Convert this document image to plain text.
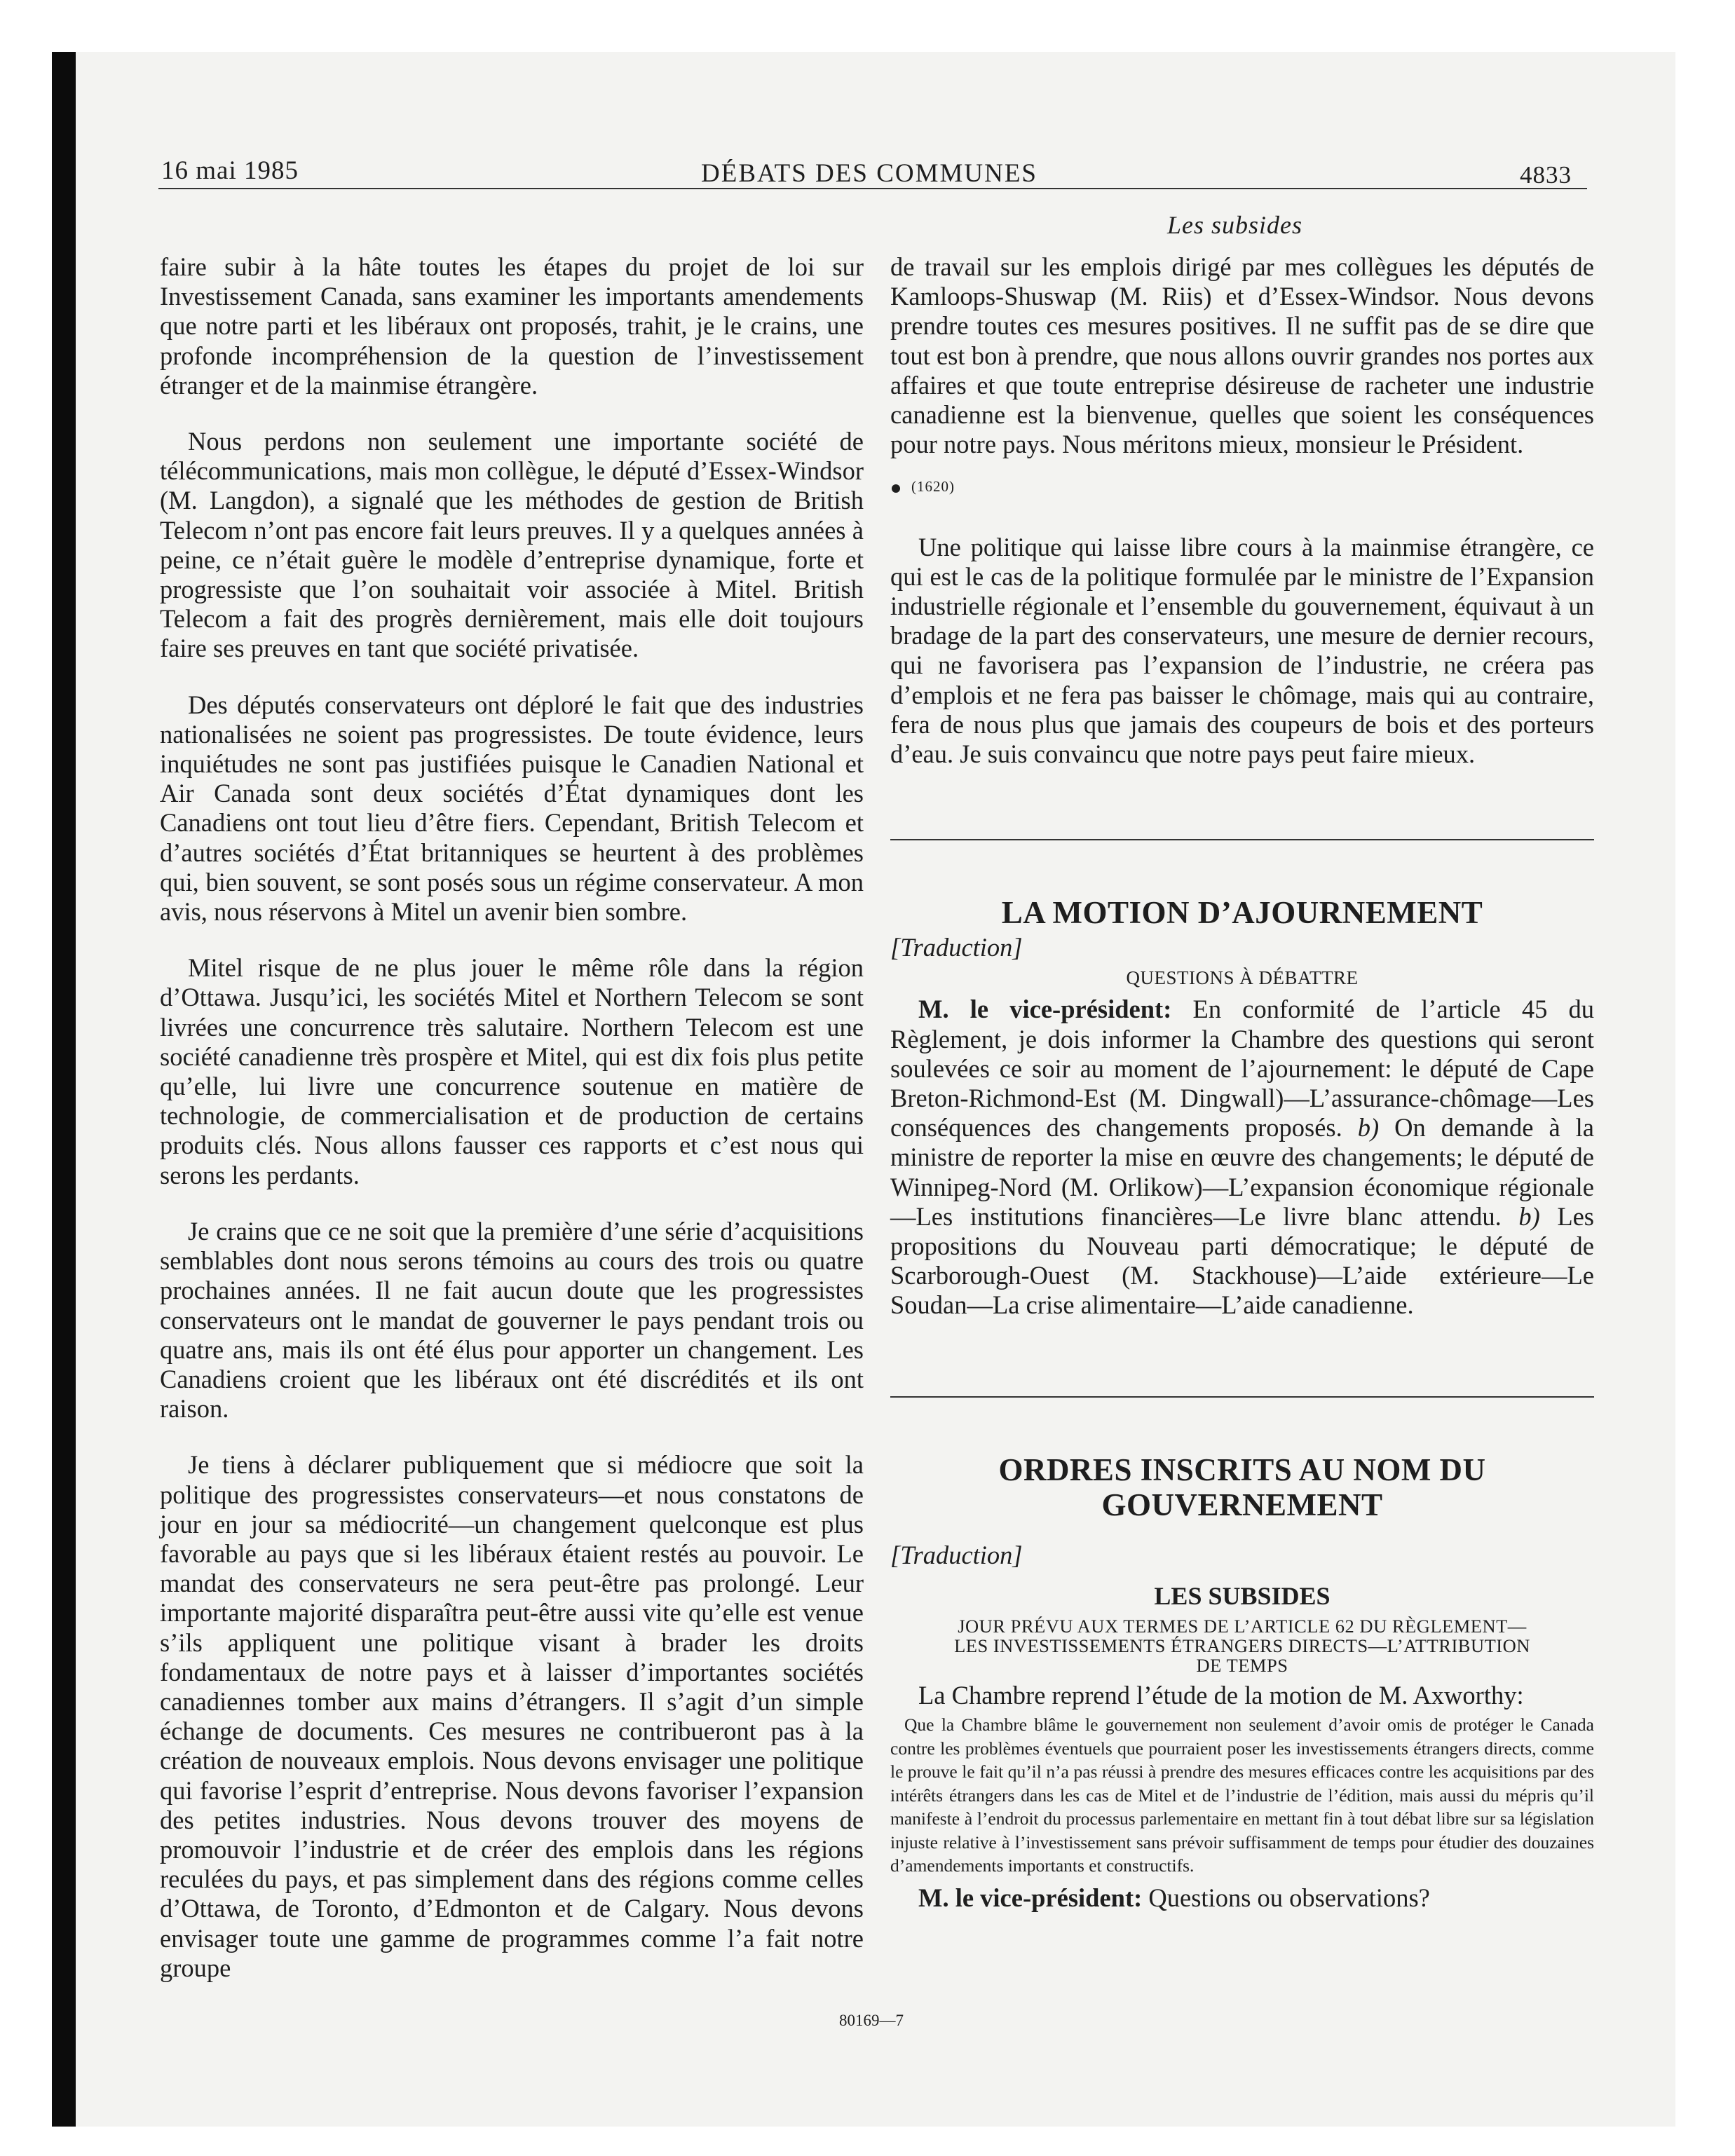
16 mai 1985	DÉBATS DES COMMUNES	4833
Les subsides

faire subir à la hâte toutes les étapes du projet de loi sur Investissement Canada, sans examiner les importants amendements que notre parti et les libéraux ont proposés, trahit, je le crains, une profonde incompréhension de la question de l’investissement étranger et de la mainmise étrangère.

Nous perdons non seulement une importante société de télécommunications, mais mon collègue, le député d’Essex-Windsor (M. Langdon), a signalé que les méthodes de gestion de British Telecom n’ont pas encore fait leurs preuves. Il y a quelques années à peine, ce n’était guère le modèle d’entreprise dynamique, forte et progressiste que l’on souhaitait voir associée à Mitel. British Telecom a fait des progrès dernièrement, mais elle doit toujours faire ses preuves en tant que société privatisée.

Des députés conservateurs ont déploré le fait que des industries nationalisées ne soient pas progressistes. De toute évidence, leurs inquiétudes ne sont pas justifiées puisque le Canadien National et Air Canada sont deux sociétés d’État dynamiques dont les Canadiens ont tout lieu d’être fiers. Cependant, British Telecom et d’autres sociétés d’État britanniques se heurtent à des problèmes qui, bien souvent, se sont posés sous un régime conservateur. A mon avis, nous réservons à Mitel un avenir bien sombre.

Mitel risque de ne plus jouer le même rôle dans la région d’Ottawa. Jusqu’ici, les sociétés Mitel et Northern Telecom se sont livrées une concurrence très salutaire. Northern Telecom est une société canadienne très prospère et Mitel, qui est dix fois plus petite qu’elle, lui livre une concurrence soutenue en matière de technologie, de commercialisation et de production de certains produits clés. Nous allons fausser ces rapports et c’est nous qui serons les perdants.

Je crains que ce ne soit que la première d’une série d’acquisitions semblables dont nous serons témoins au cours des trois ou quatre prochaines années. Il ne fait aucun doute que les progressistes conservateurs ont le mandat de gouverner le pays pendant trois ou quatre ans, mais ils ont été élus pour apporter un changement. Les Canadiens croient que les libéraux ont été discrédités et ils ont raison.

Je tiens à déclarer publiquement que si médiocre que soit la politique des progressistes conservateurs—et nous constatons de jour en jour sa médiocrité—un changement quelconque est plus favorable au pays que si les libéraux étaient restés au pouvoir. Le mandat des conservateurs ne sera peut-être pas prolongé. Leur importante majorité disparaîtra peut-être aussi vite qu’elle est venue s’ils appliquent une politique visant à brader les droits fondamentaux de notre pays et à laisser d’importantes sociétés canadiennes tomber aux mains d’étrangers. Il s’agit d’un simple échange de documents. Ces mesures ne contribueront pas à la création de nouveaux emplois. Nous devons envisager une politique qui favorise l’esprit d’entreprise. Nous devons favoriser l’expansion des petites industries. Nous devons trouver des moyens de promouvoir l’industrie et de créer des emplois dans les régions reculées du pays, et pas simplement dans des régions comme celles d’Ottawa, de Toronto, d’Edmonton et de Calgary. Nous devons envisager toute une gamme de programmes comme l’a fait notre groupe

de travail sur les emplois dirigé par mes collègues les députés de Kamloops-Shuswap (M. Riis) et d’Essex-Windsor. Nous devons prendre toutes ces mesures positives. Il ne suffit pas de se dire que tout est bon à prendre, que nous allons ouvrir grandes nos portes aux affaires et que toute entreprise désireuse de racheter une industrie canadienne est la bienvenue, quelles que soient les conséquences pour notre pays. Nous méritons mieux, monsieur le Président.

(1620)

Une politique qui laisse libre cours à la mainmise étrangère, ce qui est le cas de la politique formulée par le ministre de l’Expansion industrielle régionale et l’ensemble du gouvernement, équivaut à un bradage de la part des conservateurs, une mesure de dernier recours, qui ne favorisera pas l’expansion de l’industrie, ne créera pas d’emplois et ne fera pas baisser le chômage, mais qui au contraire, fera de nous plus que jamais des coupeurs de bois et des porteurs d’eau. Je suis convaincu que notre pays peut faire mieux.

LA MOTION D’AJOURNEMENT

[Traduction]

QUESTIONS À DÉBATTRE

M. le vice-président: En conformité de l’article 45 du Règlement, je dois informer la Chambre des questions qui seront soulevées ce soir au moment de l’ajournement: le député de Cape Breton-Richmond-Est (M. Dingwall)—L’assurance-chômage—Les conséquences des changements proposés. b) On demande à la ministre de reporter la mise en œuvre des changements; le député de Winnipeg-Nord (M. Orlikow)—L’expansion économique régionale—Les institutions financières—Le livre blanc attendu. b) Les propositions du Nouveau parti démocratique; le député de Scarborough-Ouest (M. Stackhouse)—L’aide extérieure—Le Soudan—La crise alimentaire—L’aide canadienne.

ORDRES INSCRITS AU NOM DU
GOUVERNEMENT

[Traduction]

LES SUBSIDES

JOUR PRÉVU AUX TERMES DE L’ARTICLE 62 DU RÈGLEMENT—
LES INVESTISSEMENTS ÉTRANGERS DIRECTS—L’ATTRIBUTION
DE TEMPS

La Chambre reprend l’étude de la motion de M. Axworthy:

Que la Chambre blâme le gouvernement non seulement d’avoir omis de protéger le Canada contre les problèmes éventuels que pourraient poser les investissements étrangers directs, comme le prouve le fait qu’il n’a pas réussi à prendre des mesures efficaces contre les acquisitions par des intérêts étrangers dans les cas de Mitel et de l’industrie de l’édition, mais aussi du mépris qu’il manifeste à l’endroit du processus parlementaire en mettant fin à tout débat libre sur sa législation injuste relative à l’investissement sans prévoir suffisamment de temps pour étudier des douzaines d’amendements importants et constructifs.

M. le vice-président: Questions ou observations?

80169—7
